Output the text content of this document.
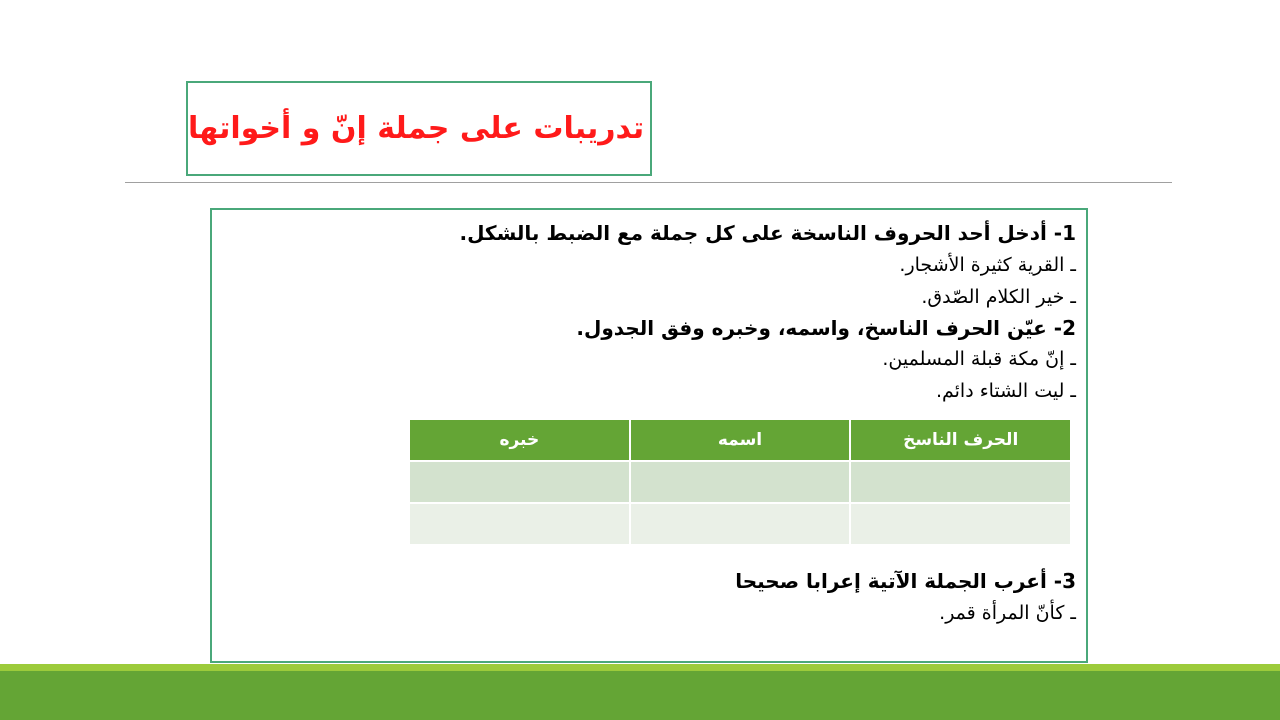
تدريبات على جملة إنّ و أخواتها
1- أدخل أحد الحروف الناسخة على كل جملة مع الضبط بالشكل.
ـ القرية كثيرة الأشجار.
ـ خير الكلام الصّدق.
2- عيّن الحرف الناسخ، واسمه، وخبره وفق الجدول.
ـ إنّ مكة قبلة المسلمين.
ـ ليت الشتاء دائم.
الحرف الناسخ	اسمه	خبره

3- أعرب الجملة الآتية إعرابا صحيحا
ـ كأنّ المرأة قمر.
